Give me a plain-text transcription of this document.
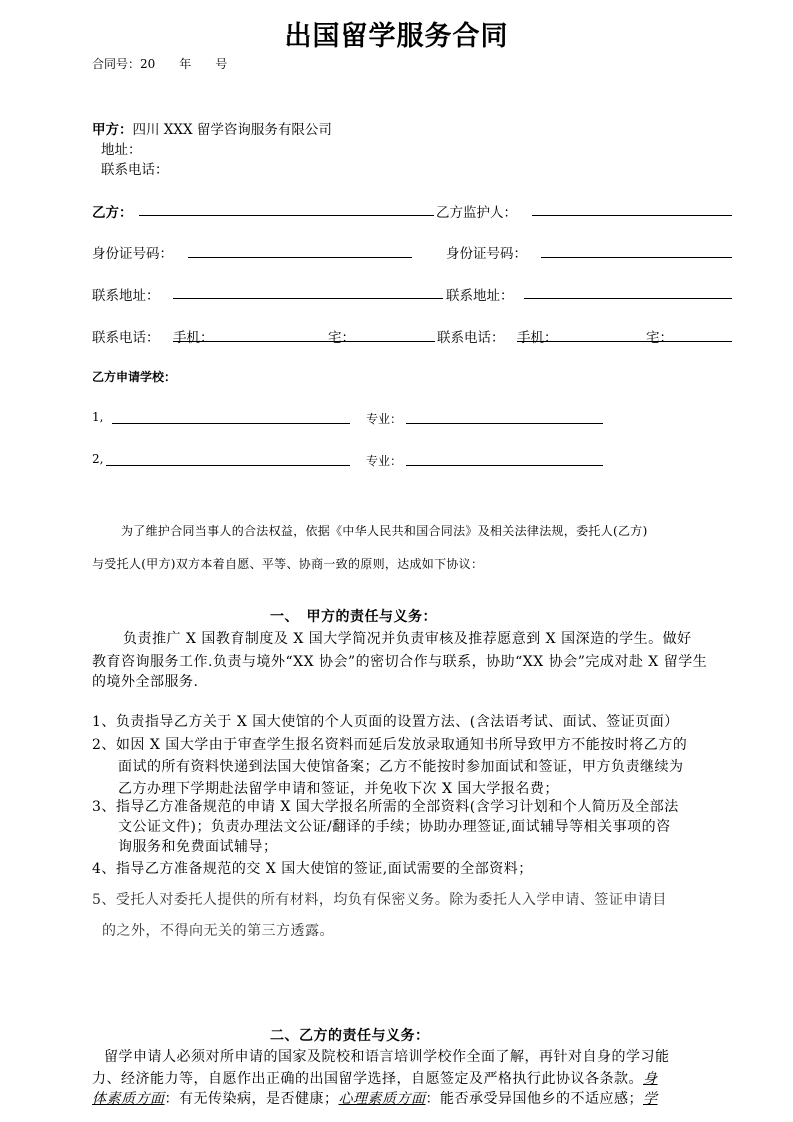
出国留学服务合同
合同号：20　　年　　号
甲方：四川 XXX 留学咨询服务有限公司
地址：
联系电话：
乙方：	乙方监护人：
身份证号码：	身份证号码：
联系地址：	联系地址：
联系电话： 手机：	宅：	联系电话： 手机：	宅：
乙方申请学校：
1,	专业：
2,	专业：
为了维护合同当事人的合法权益，依据《中华人民共和国合同法》及相关法律法规，委托人(乙方)
与受托人(甲方)双方本着自愿、平等、协商一致的原则，达成如下协议：
一、　甲方的责任与义务：
负责推广 X 国教育制度及 X 国大学简况并负责审核及推荐愿意到 X 国深造的学生。做好
教育咨询服务工作.负责与境外“XX 协会”的密切合作与联系，协助“XX 协会”完成对赴 X 留学生
的境外全部服务.
1、负责指导乙方关于 X 国大使馆的个人页面的设置方法、(含法语考试、面试、签证页面）
2、如因 X 国大学由于审查学生报名资料而延后发放录取通知书所导致甲方不能按时将乙方的
面试的所有资料快递到法国大使馆备案；乙方不能按时参加面试和签证，甲方负责继续为
乙方办理下学期赴法留学申请和签证，并免收下次 X 国大学报名费；
3、指导乙方准备规范的申请 X 国大学报名所需的全部资料(含学习计划和个人简历及全部法
文公证文件)；负责办理法文公证/翻译的手续；协助办理签证,面试辅导等相关事项的咨
询服务和免费面试辅导；
4、指导乙方准备规范的交 X 国大使馆的签证,面试需要的全部资料；
5、受托人对委托人提供的所有材料，均负有保密义务。除为委托人入学申请、签证申请目
的之外，不得向无关的第三方透露。
二、乙方的责任与义务：
留学申请人必须对所申请的国家及院校和语言培训学校作全面了解，再针对自身的学习能
力、经济能力等，自愿作出正确的出国留学选择，自愿签定及严格执行此协议各条款。身
体素质方面：有无传染病，是否健康；心理素质方面：能否承受异国他乡的不适应感；学
